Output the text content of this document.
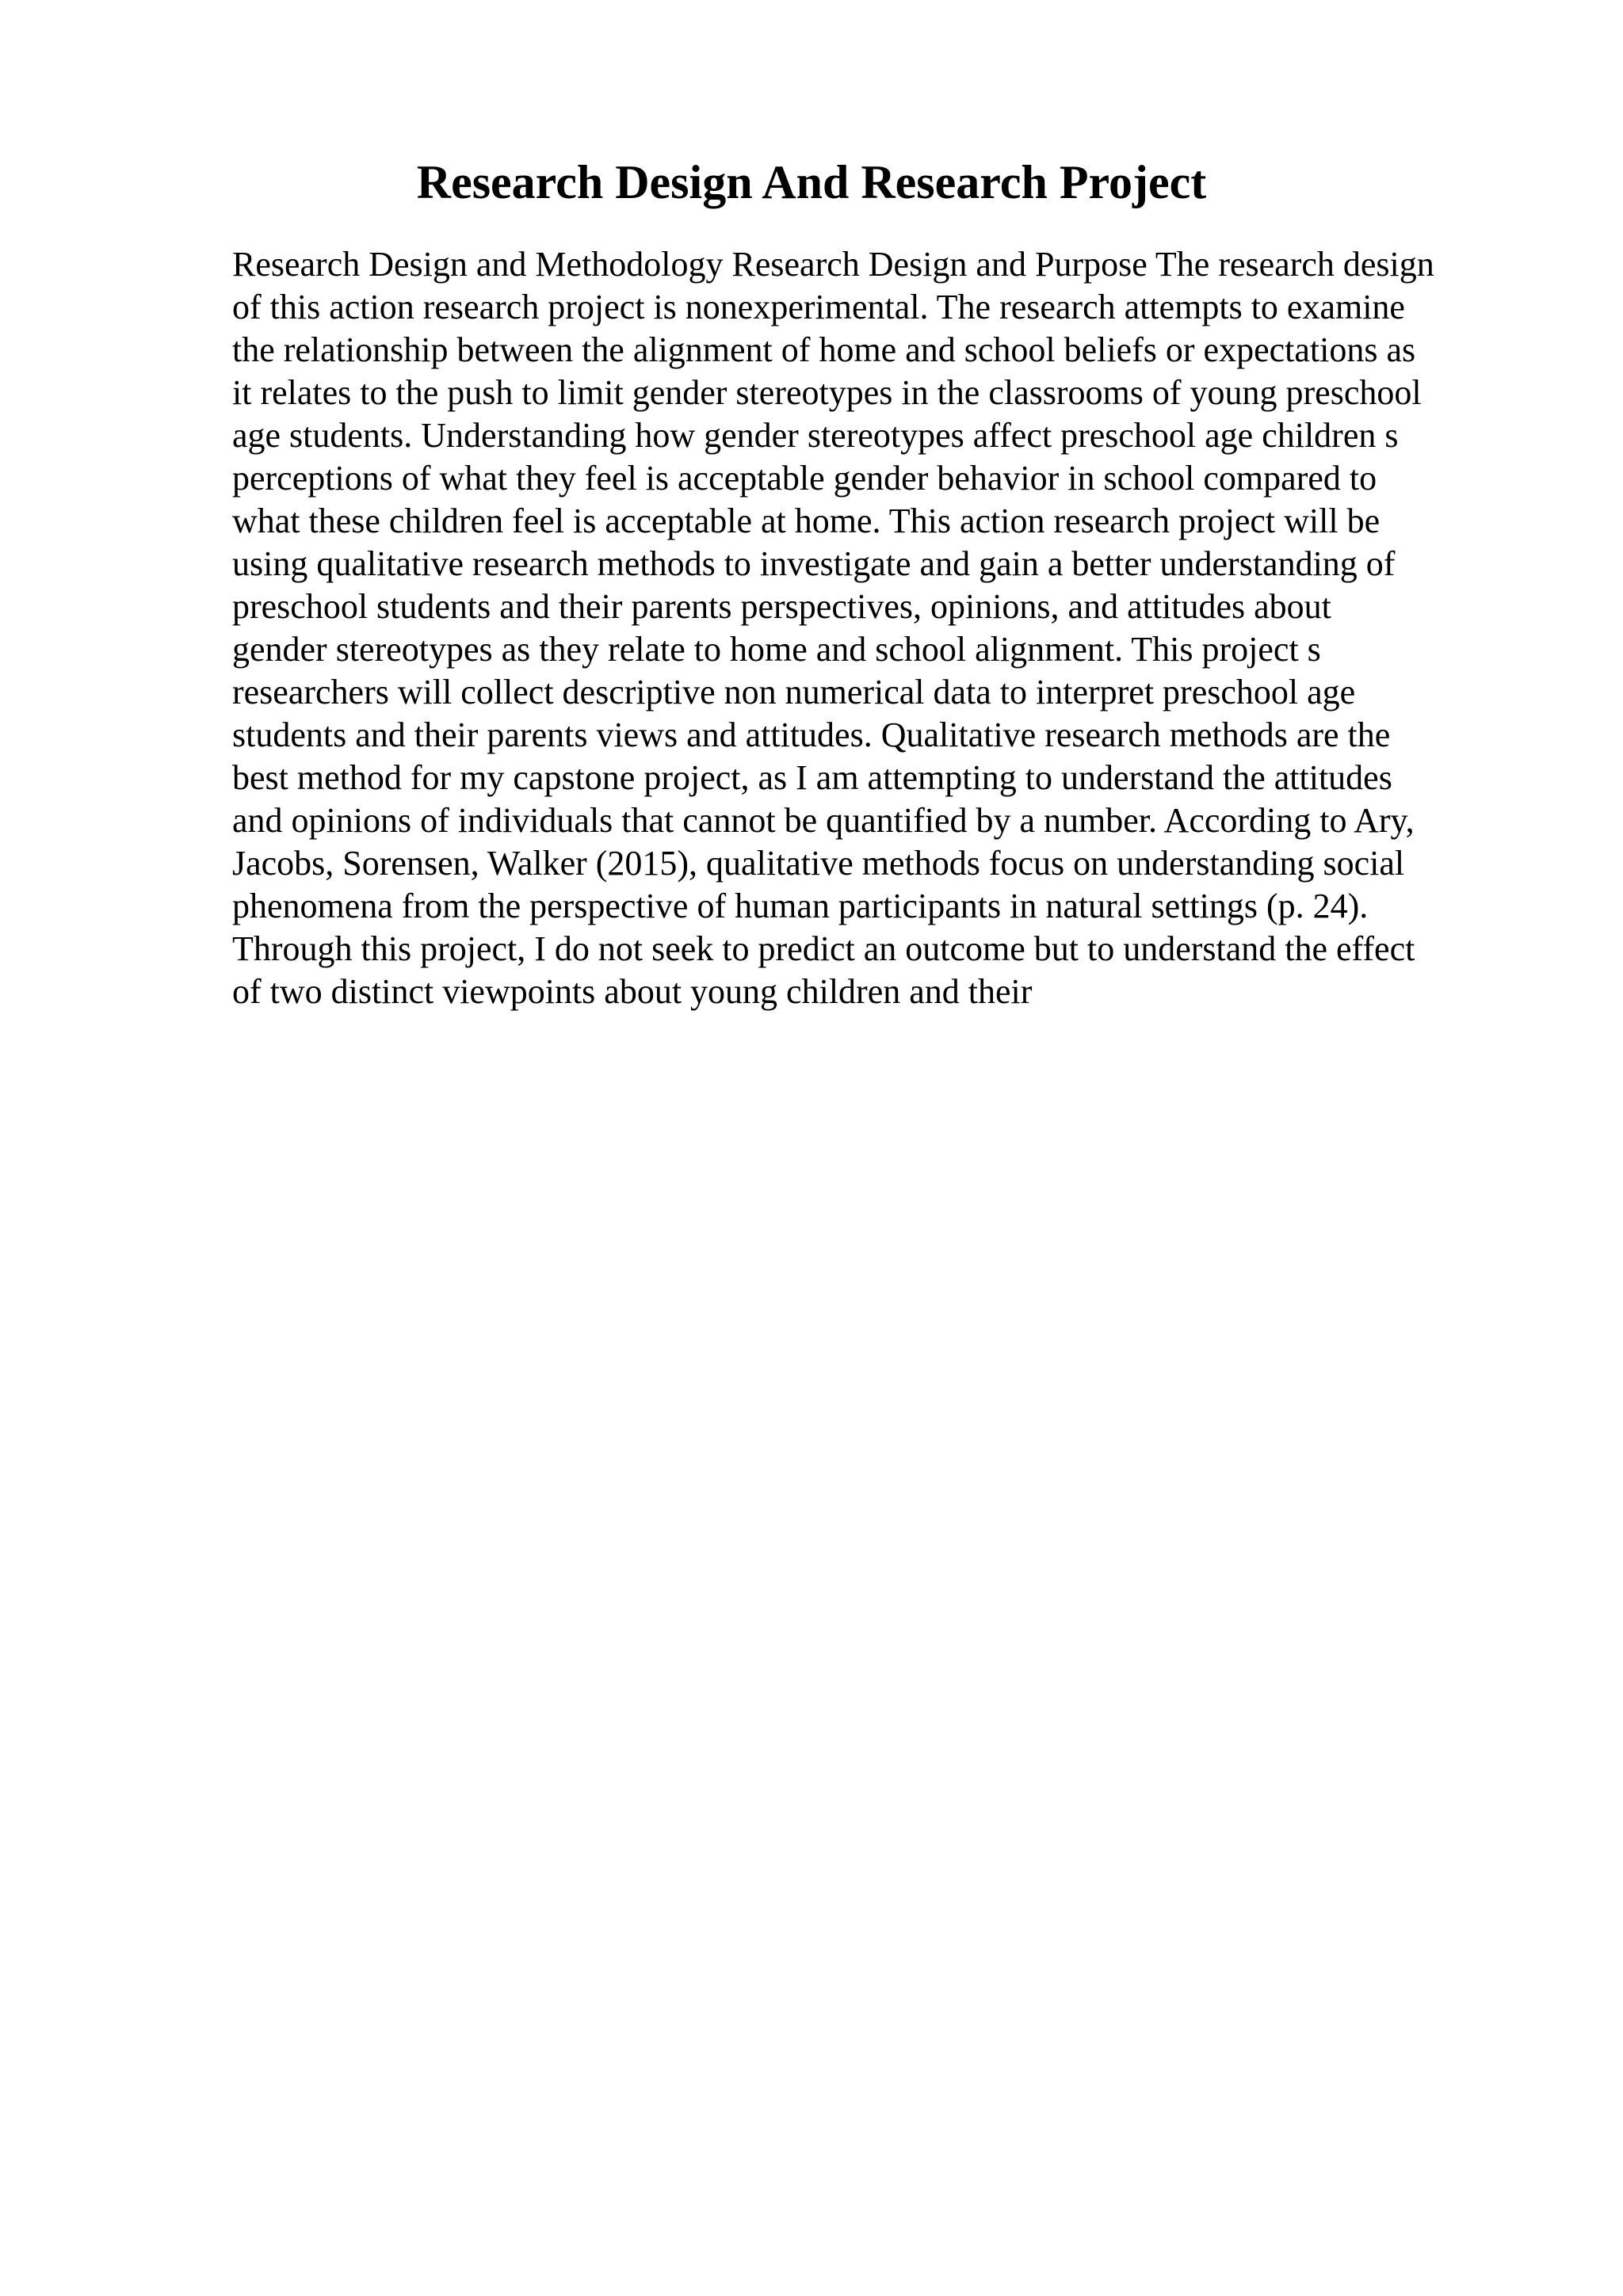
Research Design And Research Project
Research Design and Methodology Research Design and Purpose The research design
of this action research project is nonexperimental. The research attempts to examine
the relationship between the alignment of home and school beliefs or expectations as
it relates to the push to limit gender stereotypes in the classrooms of young preschool
age students. Understanding how gender stereotypes affect preschool age children s
perceptions of what they feel is acceptable gender behavior in school compared to
what these children feel is acceptable at home. This action research project will be
using qualitative research methods to investigate and gain a better understanding of
preschool students and their parents perspectives, opinions, and attitudes about
gender stereotypes as they relate to home and school alignment. This project s
researchers will collect descriptive non numerical data to interpret preschool age
students and their parents views and attitudes. Qualitative research methods are the
best method for my capstone project, as I am attempting to understand the attitudes
and opinions of individuals that cannot be quantified by a number. According to Ary,
Jacobs, Sorensen, Walker (2015), qualitative methods focus on understanding social
phenomena from the perspective of human participants in natural settings (p. 24).
Through this project, I do not seek to predict an outcome but to understand the effect
of two distinct viewpoints about young children and their
